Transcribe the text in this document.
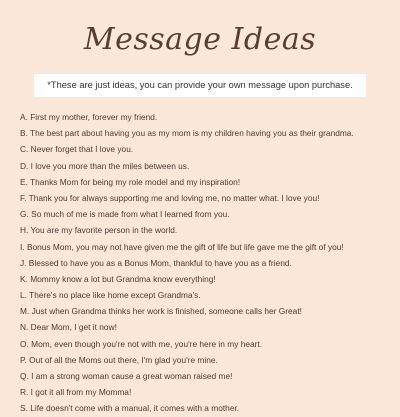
Message Ideas
*These are just ideas, you can provide your own message upon purchase.
A. First my mother, forever my friend.
B. The best part about having you as my mom is my children having you as their grandma.
C. Never forget that I love you.
D. I love you more than the miles between us.
E. Thanks Mom for being my role model and my inspiration!
F. Thank you for always supporting me and loving me, no matter what. I love you!
G. So much of me is made from what I learned from you.
H. You are my favorite person in the world.
I. Bonus Mom, you may not have given me the gift of life but life gave me the gift of you!
J. Blessed to have you as a Bonus Mom, thankful to have you as a friend.
K. Mommy know a lot but Grandma know everything!
L. There's no place like home except Grandma's.
M. Just when Grandma thinks her work is finished, someone calls her Great!
N. Dear Mom, I get it now!
O. Mom, even though you're not with me, you're here in my heart.
P. Out of all the Moms out there, I'm glad you're mine.
Q. I am a strong woman cause a great woman raised me!
R. I got it all from my Momma!
S. Life doesn't come with a manual, it comes with a mother.
